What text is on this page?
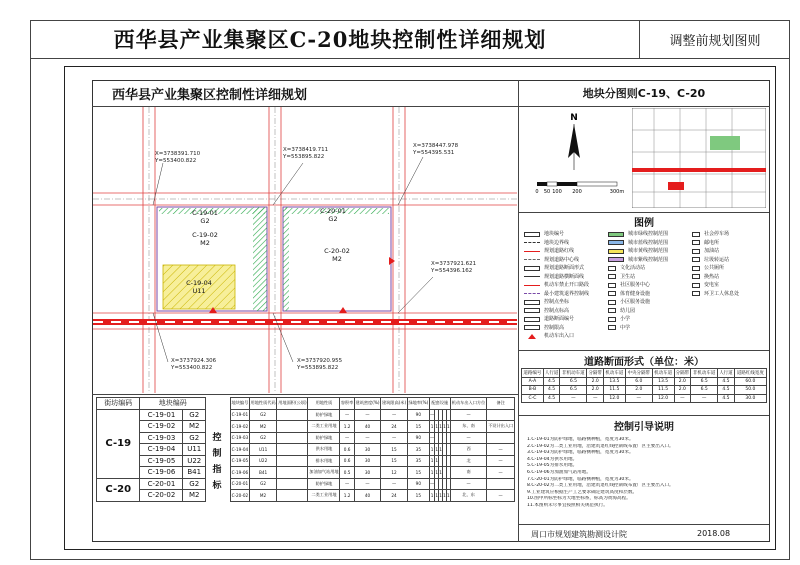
西华县产业集聚区C-20地块控制性详细规划	调整前规划图则
西华县产业集聚区控制性详细规划	地块分图则C-19、C-20
X=3738391.710
Y=553400.822
X=3738419.711
Y=553895.822
X=3738447.978
Y=554395.531
X=3737921.621
Y=554396.162
X=3737924.306
Y=553400.822
X=3737920.955
Y=553895.822
C-19-01
G2
C-19-02
M2
C-19-04
U11
C-20-01
G2
C-20-02
M2
N
0 50 100 200	300m
图例
地块编号
地块边界线
规划道路红线
规划道路中心线
规划道路断面形式
规划道路横断面线
机动车禁止开口路段
最小建筑退界控制线
控制点坐标
控制点标高
道路断面编号
控制限高
机动车出入口
城市绿线控制范围
城市蓝线控制范围
城市黄线控制范围
城市紫线控制范围
文化活动站
卫生站
社区服务中心
体育健身设施
小区服务设施
幼儿园
小学
中学
社会停车场
邮电所
加油站
垃圾转运站
公共厕所
换热站
变电室
环卫工人休息处
道路断面形式（单位：米）
道路编号	人行道	非机动车道	分隔带	机动车道	中央分隔带	机动车道	分隔带	非机动车道	人行道	道路红线宽度
A-A	4.5	6.5	2.0	13.5	6.0	13.5	2.0	6.5	4.5	60.0
B-B	4.5	6.5	2.0	11.5	2.0	11.5	2.0	6.5	4.5	50.0
C-C	4.5	—	—	12.0	—	12.0	—	—	4.5	30.0
控制引导说明
1.C-19-01为防护绿地，临路侧种植，宽度为30米。
2.C-19-02为二类工业用地，沿建筑退红线控制线布置厂区主要出入口。
3.C-19-03为防护绿地，临路侧种植，宽度为30米。
4.C-19-04为供水用地。
5.C-19-05为排水用地。
6.C-19-06为加油加气站用地。
7.C-20-01为防护绿地，临路侧种植，宽度为30米。
8.C-20-02为二类工业用地，沿建筑退红线控制线布置厂区主要出入口。
9.工业建筑应根据生产工艺要求确定建筑高度和层数。
10.图中所标坐标为大地坐标系，标高为黄海高程。
11.本图则未尽事宜按照相关规范执行。
周口市规划建筑勘测设计院	2018.08
街坊编码	地块编码	
C-19	C-19-01	G2
	C-19-02	M2
	C-19-03	G2
	C-19-04	U11
	C-19-05	U22
	C-19-06	B41
C-20	C-20-01	G2
	C-20-02	M2
控
制
指
标
地块编号	用地性质代码	用地面积(公顷)	用地性质	容积率	建筑密度(%)	建筑限高(米)	绿地率(%)	配套设施					机动车出入口方位	备注
C-19-01	G2		防护绿地	—	—	—	90	—					—	
C-19-02	M2		二类工业用地	1.2	40	24	15	1	1	1	1	1	东、南	不设计出入口
C-19-03	G2		防护绿地	—	—	—	90	—					—	
C-19-04	U11		供水用地	0.6	30	15	35	1	1	1			西	—
C-19-05	U22		排水用地	0.6	30	15	35	1	1				北	—
C-19-06	B41		加油加气站用地	0.5	30	12	15	1	1	1			南	—
C-20-01	G2		防护绿地	—	—	—	90	—					—	
C-20-02	M2		二类工业用地	1.2	40	24	15	1	1	1	1	1	北、东	—
